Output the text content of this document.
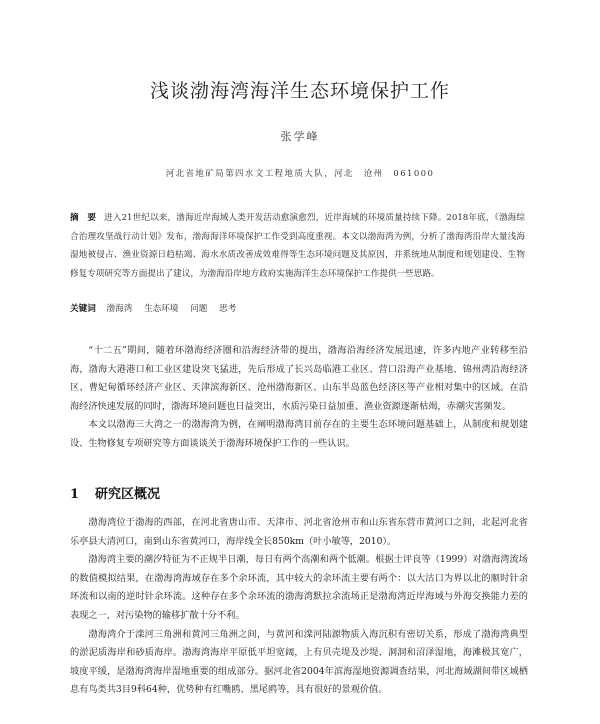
浅谈渤海湾海洋生态环境保护工作
张学峰
河北省地矿局第四水文工程地质大队，河北　沧州　061000
摘　要 进入21世纪以来，渤海近岸海域人类开发活动愈演愈烈，近岸海域的环境质量持续下降。2018年底，《渤海综合治理攻坚战行动计划》发布，渤海海洋环境保护工作受到高度重视。本文以渤海湾为例，分析了渤海湾沿岸大量浅海湿地被侵占、渔业资源日趋枯竭、海水水质改善成效难得等生态环境问题及其原因，并系统地从制度和规划建设、生物修复专项研究等方面提出了建议，为渤海沿岸地方政府实施海洋生态环境保护工作提供一些思路。
关键词 渤海湾 生态环境 问题 思考

“十二五”期间，随着环渤海经济圈和沿海经济带的提出，渤海沿海经济发展迅速，许多内地产业转移至沿海，渤海大港港口和工业区建设突飞猛进，先后形成了长兴岛临港工业区、营口沿海产业基地、锦州湾沿海经济区、曹妃甸循环经济产业区、天津滨海新区、沧州渤海新区、山东半岛蓝色经济区等产业相对集中的区域。在沿海经济快速发展的同时，渤海环境问题也日益突出，水质污染日益加重、渔业资源逐渐枯竭，赤潮灾害频发。

本文以渤海三大湾之一的渤海湾为例，在阐明渤海湾目前存在的主要生态环境问题基础上，从制度和规划建设、生物修复专项研究等方面谈谈关于渤海环境保护工作的一些认识。

1 研究区概况

渤海湾位于渤海的西部，在河北省唐山市、天津市、河北省沧州市和山东省东营市黄河口之间，北起河北省乐亭县大清河口，南到山东省黄河口，海岸线全长850km（叶小敏等，2010）。

渤海湾主要的潮汐特征为不正规半日潮，每日有两个高潮和两个低潮。根据士评良等（1999）对渤海湾流场的数值模拟结果，在渤海湾海域存在多个余环流，其中较大的余环流主要有两个：以大沽口为界以北的顺时针余环流和以南的逆时针余环流。这种存在多个余环流的渤海湾默拉余流场正是渤海湾近岸海域与外海交换能力差的表现之一，对污染物的输移扩散十分不利。

渤海湾介于滦河三角洲和黄河三角洲之间，与黄河和滦河陆源物质入海沉积有密切关系，形成了渤海湾典型的淤泥质海岸和砂质海岸。渤海湾海岸平原低平坦宽阔，上有贝壳堤及沙堤、洞洞和沼泽湿地，海滩极其宽广，坡度平缓，是渤海湾海岸湿地重要的组成部分。据河北省2004年滨海湿地资源调查结果，河北海域湖间带区域栖息有鸟类共3目9科64种，优势种有红嘴鸥、黑尾鸥等，具有很好的景观价值。
